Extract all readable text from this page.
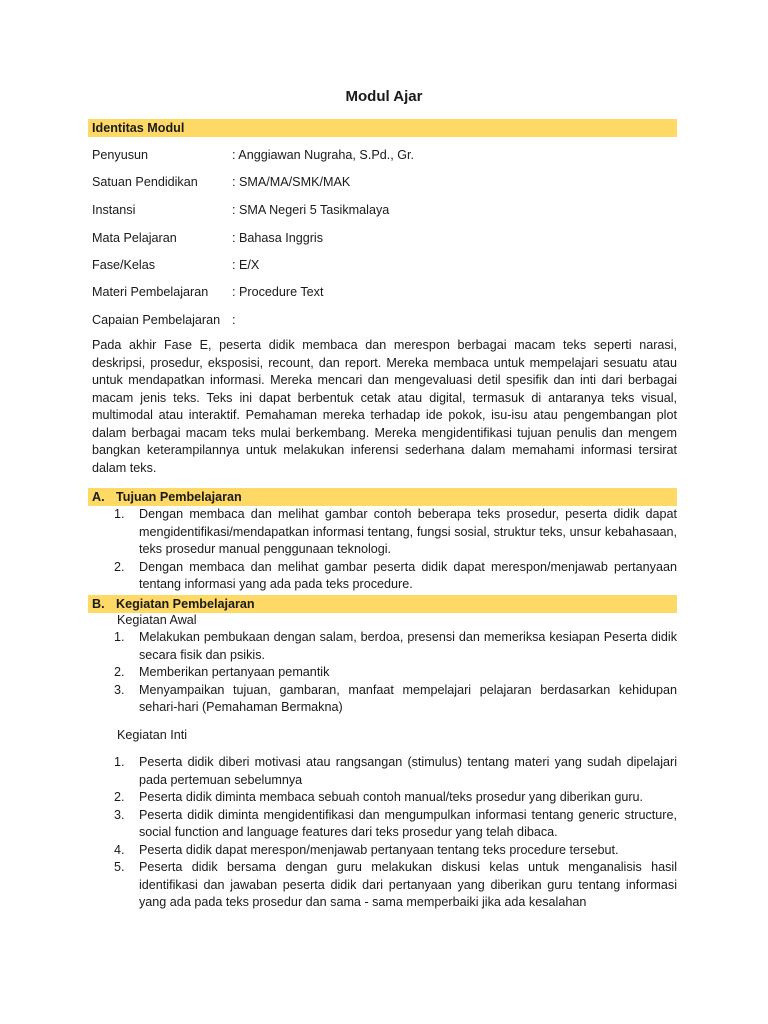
Modul Ajar
Identitas Modul
Penyusun	: Anggiawan Nugraha, S.Pd., Gr.
Satuan Pendidikan	: SMA/MA/SMK/MAK
Instansi	: SMA Negeri 5 Tasikmalaya
Mata Pelajaran	: Bahasa Inggris
Fase/Kelas	: E/X
Materi Pembelajaran : Procedure Text
Capaian Pembelajaran :

Pada akhir Fase E, peserta didik membaca dan merespon berbagai macam teks seperti narasi, deskripsi, prosedur, eksposisi, recount, dan report. Mereka membaca untuk mempelajari sesuatu atau untuk mendapatkan informasi. Mereka mencari dan mengevaluasi detil spesifik dan inti dari berbagai macam jenis teks. Teks ini dapat berbentuk cetak atau digital, termasuk di antaranya teks visual, multimodal atau interaktif. Pemahaman mereka terhadap ide pokok, isu-isu atau pengembangan plot dalam berbagai macam teks mulai berkembang. Mereka mengidentifikasi tujuan penulis dan mengem bangkan keterampilannya untuk melakukan inferensi sederhana dalam memahami informasi tersirat dalam teks.

A. Tujuan Pembelajaran
1. Dengan membaca dan melihat gambar contoh beberapa teks prosedur, peserta didik dapat mengidentifikasi/mendapatkan informasi tentang, fungsi sosial, struktur teks, unsur kebahasaan, teks prosedur manual penggunaan teknologi.
2. Dengan membaca dan melihat gambar peserta didik dapat merespon/menjawab pertanyaan tentang informasi yang ada pada teks procedure.
B. Kegiatan Pembelajaran
Kegiatan Awal
1. Melakukan pembukaan dengan salam, berdoa, presensi dan memeriksa kesiapan Peserta didik secara fisik dan psikis.
2. Memberikan pertanyaan pemantik
3. Menyampaikan tujuan, gambaran, manfaat mempelajari pelajaran berdasarkan kehidupan sehari-hari (Pemahaman Bermakna)
Kegiatan Inti
1. Peserta didik diberi motivasi atau rangsangan (stimulus) tentang materi yang sudah dipelajari pada pertemuan sebelumnya
2. Peserta didik diminta membaca sebuah contoh manual/teks prosedur yang diberikan guru.
3. Peserta didik diminta mengidentifikasi dan mengumpulkan informasi tentang generic structure, social function and language features dari teks prosedur yang telah dibaca.
4. Peserta didik dapat merespon/menjawab pertanyaan tentang teks procedure tersebut.
5. Peserta didik bersama dengan guru melakukan diskusi kelas untuk menganalisis hasil identifikasi dan jawaban peserta didik dari pertanyaan yang diberikan guru tentang informasi yang ada pada teks prosedur dan sama - sama memperbaiki jika ada kesalahan
